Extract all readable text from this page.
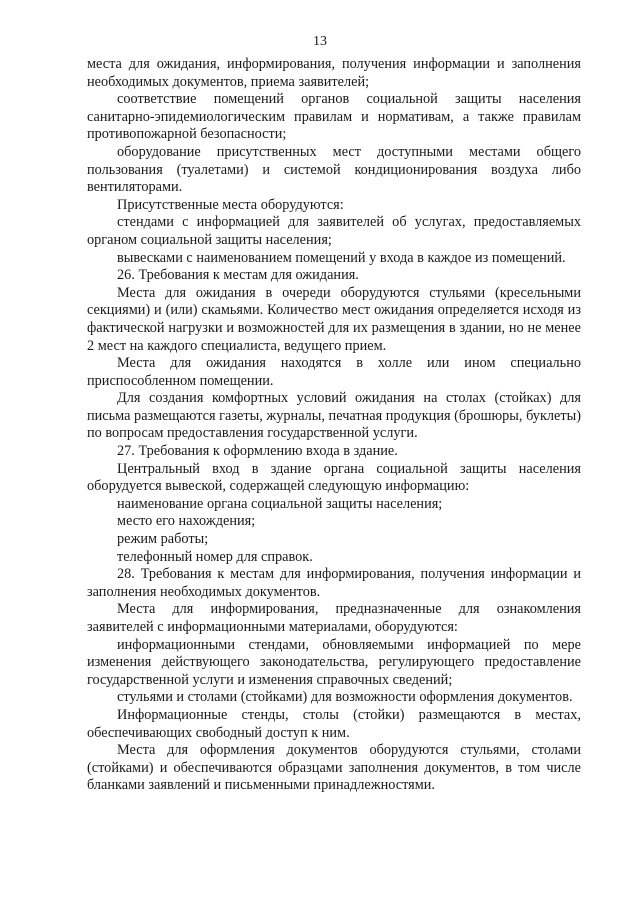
13

места для ожидания, информирования, получения информации и заполнения необходимых документов, приема заявителей;

соответствие помещений органов социальной защиты населения санитарно-эпидемиологическим правилам и нормативам, а также правилам противопожарной безопасности;

оборудование присутственных мест доступными местами общего пользования (туалетами) и системой кондиционирования воздуха либо вентиляторами.

Присутственные места оборудуются:

стендами с информацией для заявителей об услугах, предоставляемых органом социальной защиты населения;

вывесками с наименованием помещений у входа в каждое из помещений.

26. Требования к местам для ожидания.

Места для ожидания в очереди оборудуются стульями (кресельными секциями) и (или) скамьями. Количество мест ожидания определяется исходя из фактической нагрузки и возможностей для их размещения в здании, но не менее 2 мест на каждого специалиста, ведущего прием.

Места для ожидания находятся в холле или ином специально приспособленном помещении.

Для создания комфортных условий ожидания на столах (стойках) для письма размещаются газеты, журналы, печатная продукция (брошюры, буклеты) по вопросам предоставления государственной услуги.

27. Требования к оформлению входа в здание.

Центральный вход в здание органа социальной защиты населения оборудуется вывеской, содержащей следующую информацию:

наименование органа социальной защиты населения;

место его нахождения;

режим работы;

телефонный номер для справок.

28. Требования к местам для информирования, получения информации и заполнения необходимых документов.

Места для информирования, предназначенные для ознакомления заявителей с информационными материалами, оборудуются:

информационными стендами, обновляемыми информацией по мере изменения действующего законодательства, регулирующего предоставление государственной услуги и изменения справочных сведений;

стульями и столами (стойками) для возможности оформления документов.

Информационные стенды, столы (стойки) размещаются в местах, обеспечивающих свободный доступ к ним.

Места для оформления документов оборудуются стульями, столами (стойками) и обеспечиваются образцами заполнения документов, в том числе бланками заявлений и письменными принадлежностями.
